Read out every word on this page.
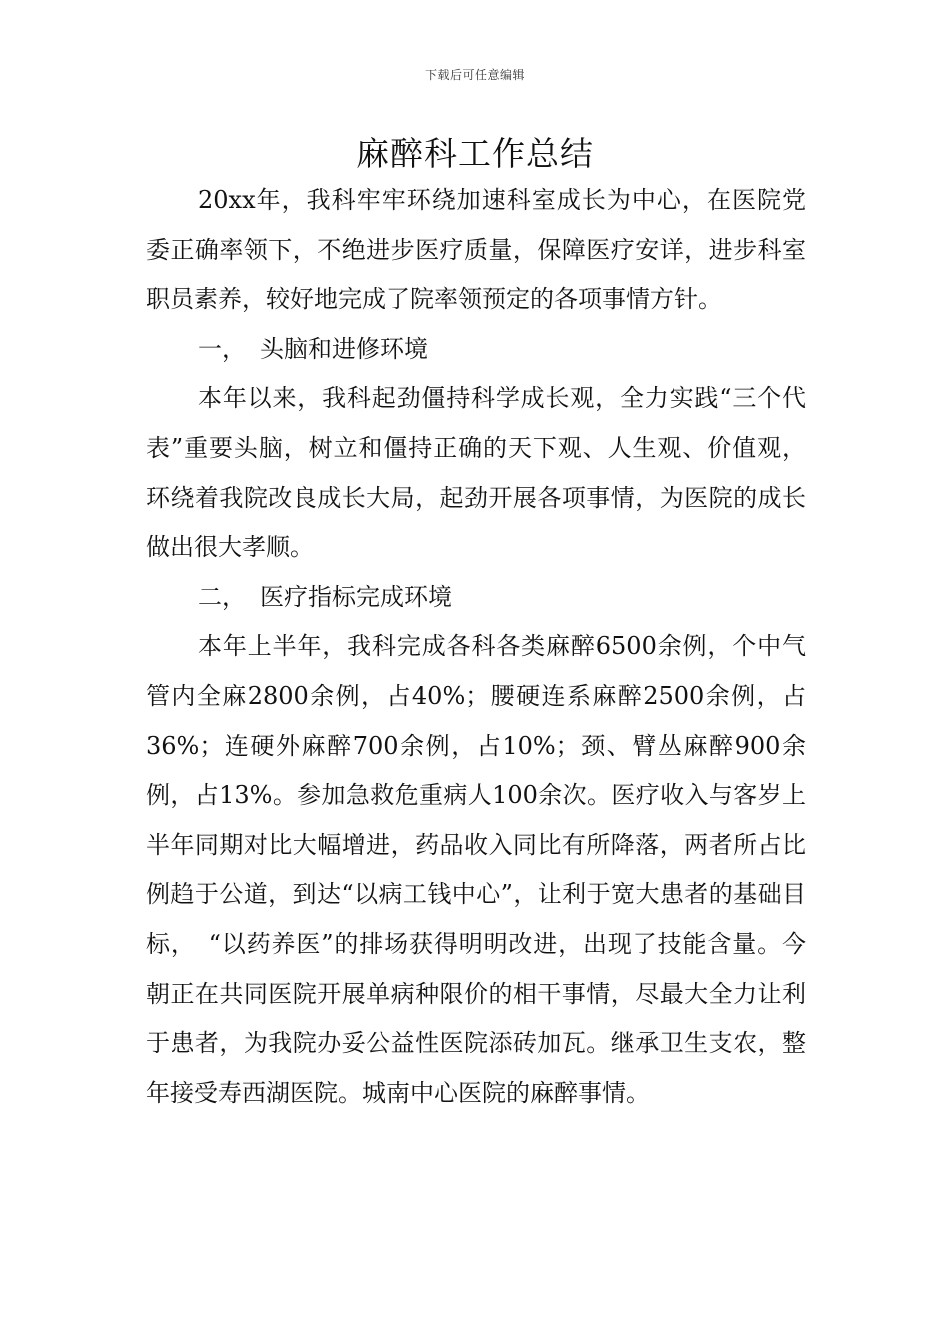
下载后可任意编辑
麻醉科工作总结

20xx年，我科牢牢环绕加速科室成长为中心，在医院党委正确率领下，不绝进步医疗质量，保障医疗安详，进步科室职员素养，较好地完成了院率领预定的各项事情方针。

一， 头脑和进修环境

本年以来，我科起劲僵持科学成长观，全力实践“三个代表”重要头脑，树立和僵持正确的天下观、人生观、价值观，环绕着我院改良成长大局，起劲开展各项事情，为医院的成长做出很大孝顺。

二， 医疗指标完成环境

本年上半年，我科完成各科各类麻醉6500余例，个中气管内全麻2800余例，占40%；腰硬连系麻醉2500余例，占36%；连硬外麻醉700余例，占10%；颈、臂丛麻醉900余例，占13%。参加急救危重病人100余次。医疗收入与客岁上半年同期对比大幅增进，药品收入同比有所降落，两者所占比例趋于公道，到达“以病工钱中心”，让利于宽大患者的基础目标，　“以药养医”的排场获得明明改进，出现了技能含量。今朝正在共同医院开展单病种限价的相干事情，尽最大全力让利于患者，为我院办妥公益性医院添砖加瓦。继承卫生支农，整年接受寿西湖医院。城南中心医院的麻醉事情。
